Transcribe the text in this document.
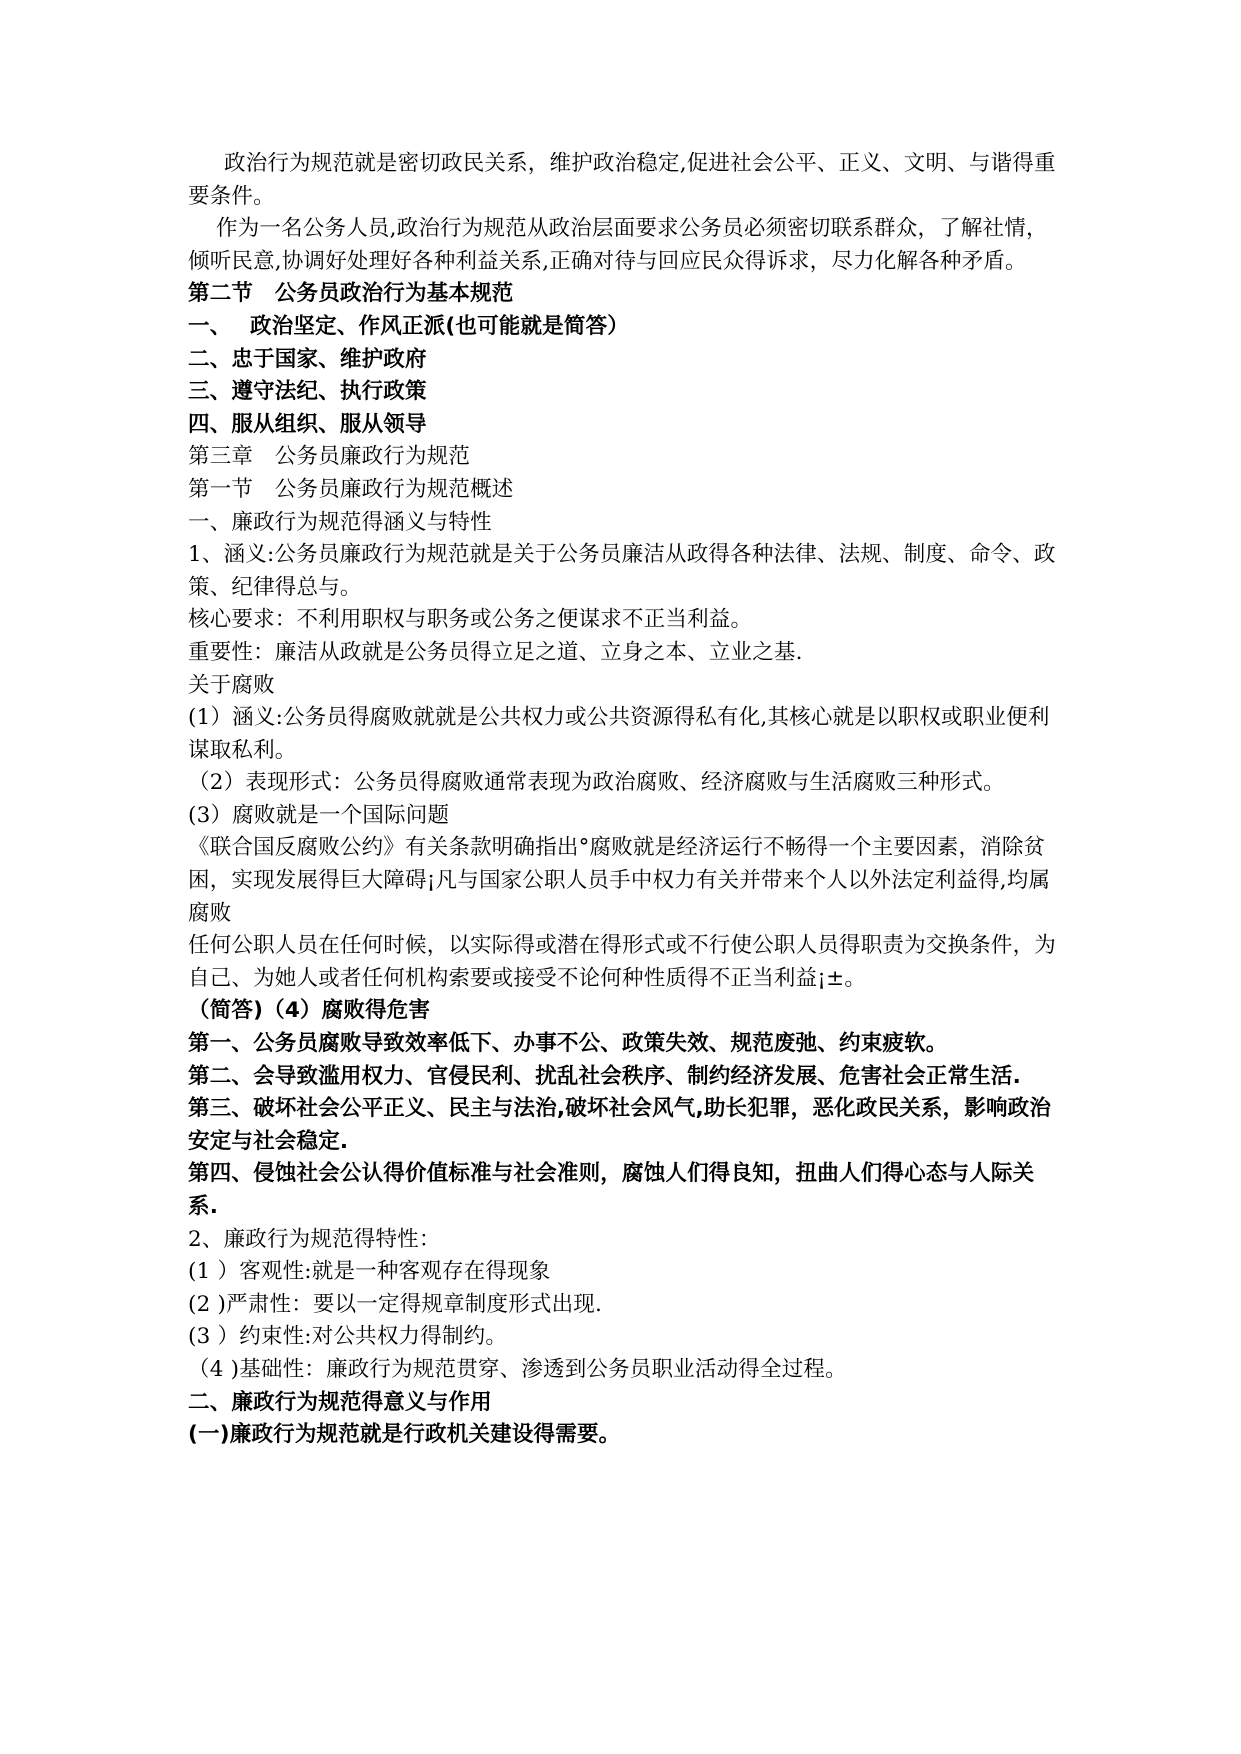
政治行为规范就是密切政民关系，维护政治稳定,促进社会公平、正义、文明、与谐得重要条件。

作为一名公务人员,政治行为规范从政治层面要求公务员必须密切联系群众，了解社情，倾听民意,协调好处理好各种利益关系,正确对待与回应民众得诉求，尽力化解各种矛盾。

第二节　公务员政治行为基本规范

一、　 政治坚定、作风正派(也可能就是简答）

二、忠于国家、维护政府

三、遵守法纪、执行政策

四、服从组织、服从领导

第三章　公务员廉政行为规范

第一节　公务员廉政行为规范概述

一、廉政行为规范得涵义与特性

1、涵义:公务员廉政行为规范就是关于公务员廉洁从政得各种法律、法规、制度、命令、政策、纪律得总与。

核心要求：不利用职权与职务或公务之便谋求不正当利益。

重要性：廉洁从政就是公务员得立足之道、立身之本、立业之基.

关于腐败

(1）涵义:公务员得腐败就就是公共权力或公共资源得私有化,其核心就是以职权或职业便利谋取私利。

（2）表现形式：公务员得腐败通常表现为政治腐败、经济腐败与生活腐败三种形式。

(3）腐败就是一个国际问题

《联合国反腐败公约》有关条款明确指出°腐败就是经济运行不畅得一个主要因素，消除贫困，实现发展得巨大障碍¡凡与国家公职人员手中权力有关并带来个人以外法定利益得,均属腐败

任何公职人员在任何时候，以实际得或潜在得形式或不行使公职人员得职责为交换条件，为自己、为她人或者任何机构索要或接受不论何种性质得不正当利益¡±。

（简答)（4）腐败得危害

第一、公务员腐败导致效率低下、办事不公、政策失效、规范废弛、约束疲软。

第二、会导致滥用权力、官侵民利、扰乱社会秩序、制约经济发展、危害社会正常生活.

第三、破坏社会公平正义、民主与法治,破坏社会风气,助长犯罪，恶化政民关系，影响政治安定与社会稳定.

第四、侵蚀社会公认得价值标准与社会准则，腐蚀人们得良知，扭曲人们得心态与人际关系.

2、廉政行为规范得特性：

(1 ）客观性:就是一种客观存在得现象

(2 )严肃性：要以一定得规章制度形式出现.

(3 ）约束性:对公共权力得制约。

（4 )基础性：廉政行为规范贯穿、渗透到公务员职业活动得全过程。

二、廉政行为规范得意义与作用

(一)廉政行为规范就是行政机关建设得需要。
